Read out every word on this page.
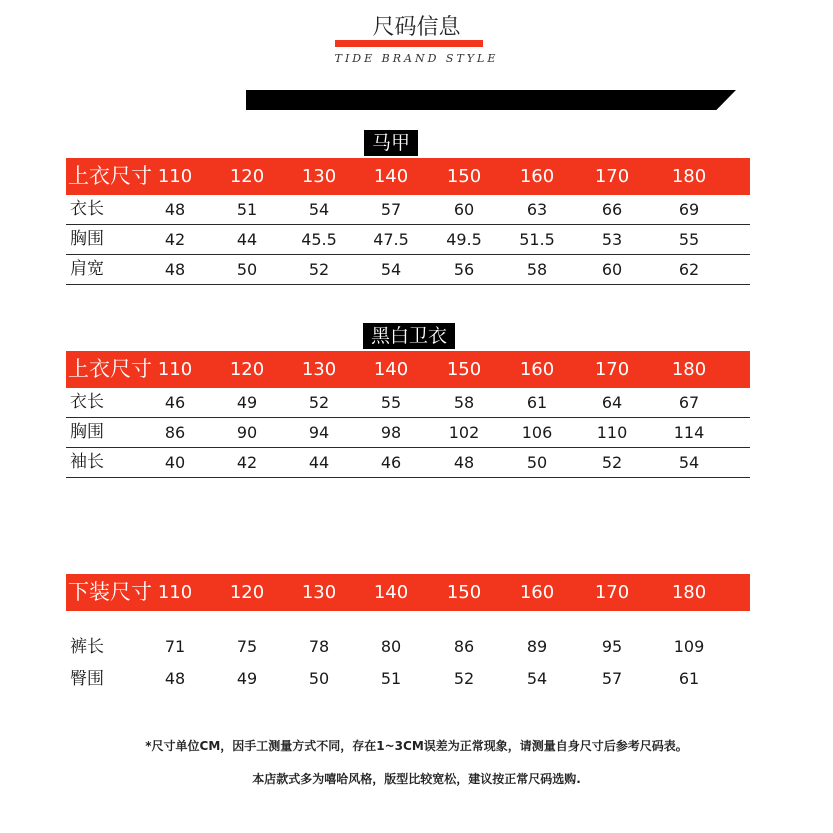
尺码信息
TIDE BRAND STYLE
马甲
上衣尺寸 110	120	130	140	150	160	170	180
衣长	48	51	54	57	60	63	66	69
胸围	42	44	45.5	47.5	49.5	51.5	53	55
肩宽	48	50	52	54	56	58	60	62
黑白卫衣
上衣尺寸 110	120	130	140	150	160	170	180
衣长	46	49	52	55	58	61	64	67
胸围	86	90	94	98	102	106	110	114
袖长	40	42	44	46	48	50	52	54
下装尺寸 110	120	130	140	150	160	170	180
裤长	71	75	78	80	86	89	95	109
臀围	48	49	50	51	52	54	57	61
*尺寸单位CM，因手工测量方式不同，存在1~3CM误差为正常现象，请测量自身尺寸后参考尺码表。
本店款式多为嘻哈风格，版型比较宽松，建议按正常尺码选购.
